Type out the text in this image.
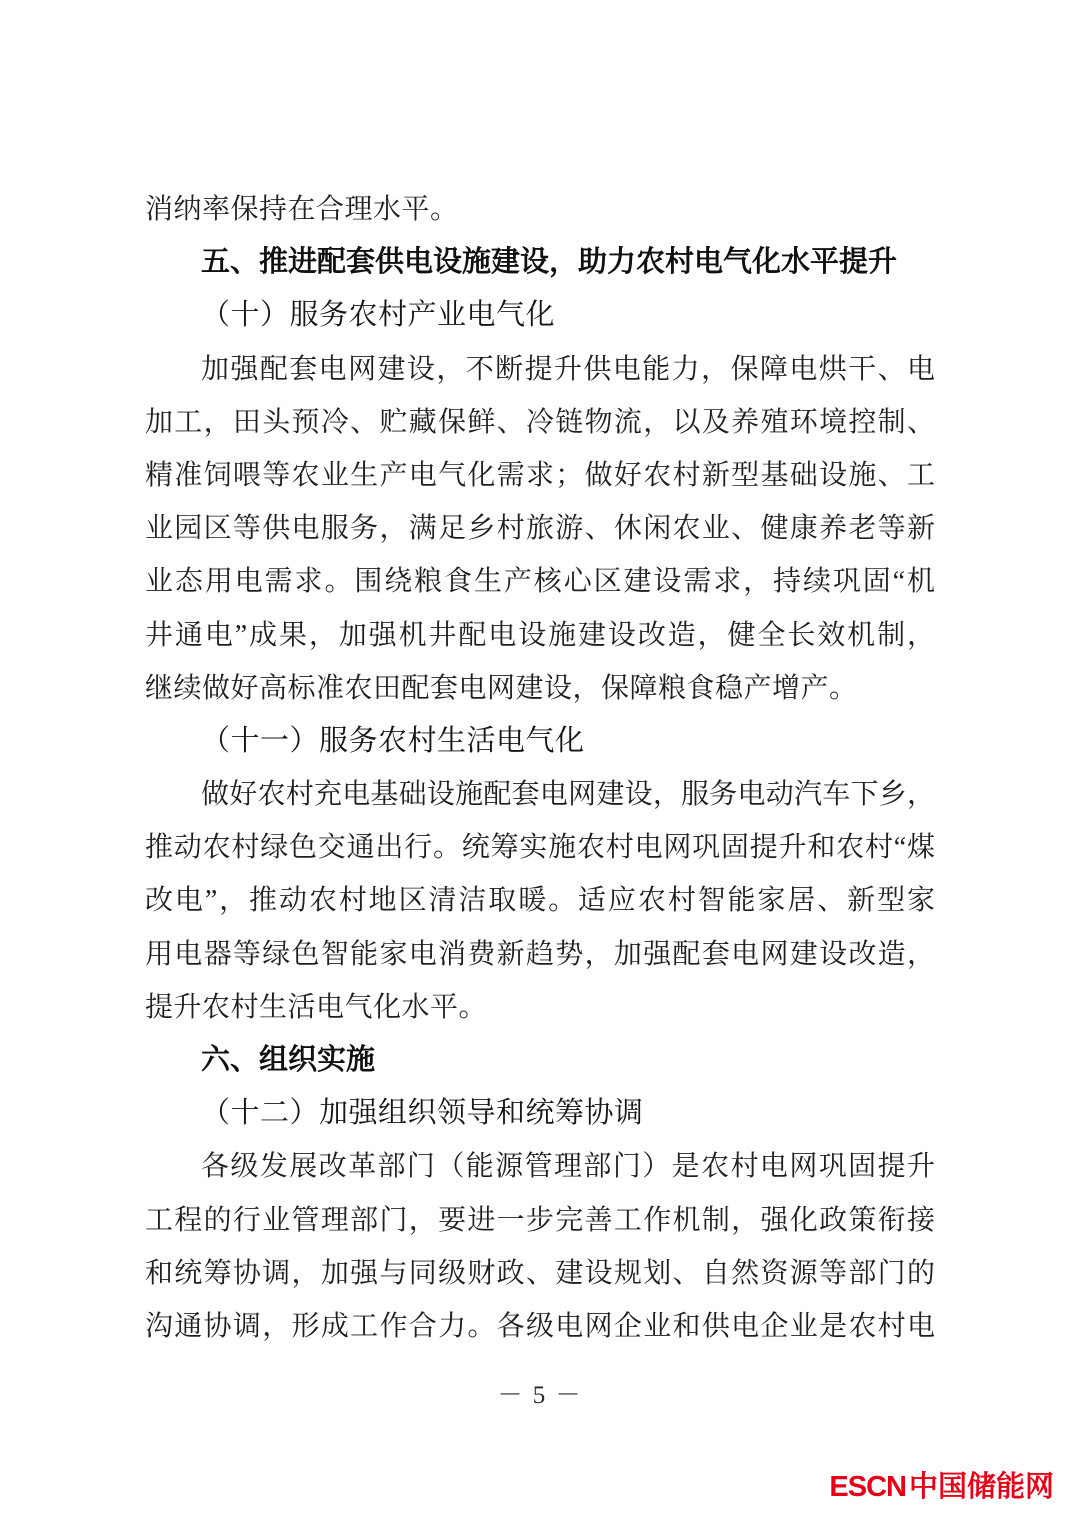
消纳率保持在合理水平。
五、推进配套供电设施建设，助力农村电气化水平提升
（十）服务农村产业电气化
加强配套电网建设，不断提升供电能力，保障电烘干、电
加工，田头预冷、贮藏保鲜、冷链物流，以及养殖环境控制、
精准饲喂等农业生产电气化需求；做好农村新型基础设施、工
业园区等供电服务，满足乡村旅游、休闲农业、健康养老等新
业态用电需求。围绕粮食生产核心区建设需求，持续巩固“机
井通电”成果，加强机井配电设施建设改造，健全长效机制，
继续做好高标准农田配套电网建设，保障粮食稳产增产。
（十一）服务农村生活电气化
做好农村充电基础设施配套电网建设，服务电动汽车下乡，
推动农村绿色交通出行。统筹实施农村电网巩固提升和农村“煤
改电”，推动农村地区清洁取暖。适应农村智能家居、新型家
用电器等绿色智能家电消费新趋势，加强配套电网建设改造，
提升农村生活电气化水平。
六、组织实施
（十二）加强组织领导和统筹协调
各级发展改革部门（能源管理部门）是农村电网巩固提升
工程的行业管理部门，要进一步完善工作机制，强化政策衔接
和统筹协调，加强与同级财政、建设规划、自然资源等部门的
沟通协调，形成工作合力。各级电网企业和供电企业是农村电
－ 5 －
ESCN 中国储能网
